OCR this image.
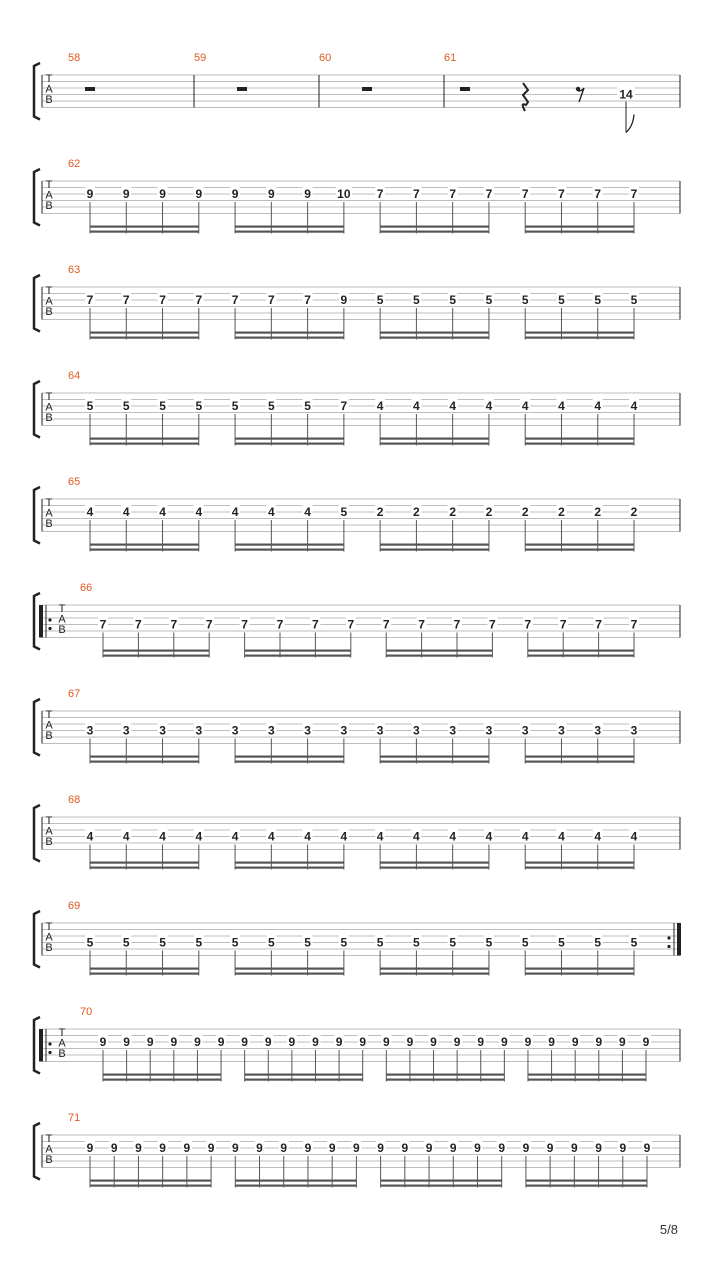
T
A
B
58	59	60	61
14
T
A
B
62
9 9 9 9 9 9 9 10 7 7 7 7 7 7 7 7
T
A
B
63
7 7 7 7 7 7 7 9 5 5 5 5 5 5 5 5
T
A
B
64
5 5 5 5 5 5 5 7 4 4 4 4 4 4 4 4
T
A
B
65
4 4 4 4 4 4 4 5 2 2 2 2 2 2 2 2
T
A
B
66
7 7 7 7 7 7 7 7 7 7 7 7 7 7 7 7
T
A
B
67
3 3 3 3 3 3 3 3 3 3 3 3 3 3 3 3
T
A
B
68
4 4 4 4 4 4 4 4 4 4 4 4 4 4 4 4
T
A
B
69
5 5 5 5 5 5 5 5 5 5 5 5 5 5 5 5
T
A
B
70
9 9 9 9 9 9 9 9 9 9 9 9 9 9 9 9 9 9 9 9 9 9 9 9
T
A
B
71
9 9 9 9 9 9 9 9 9 9 9 9 9 9 9 9 9 9 9 9 9 9 9 9
5/8
